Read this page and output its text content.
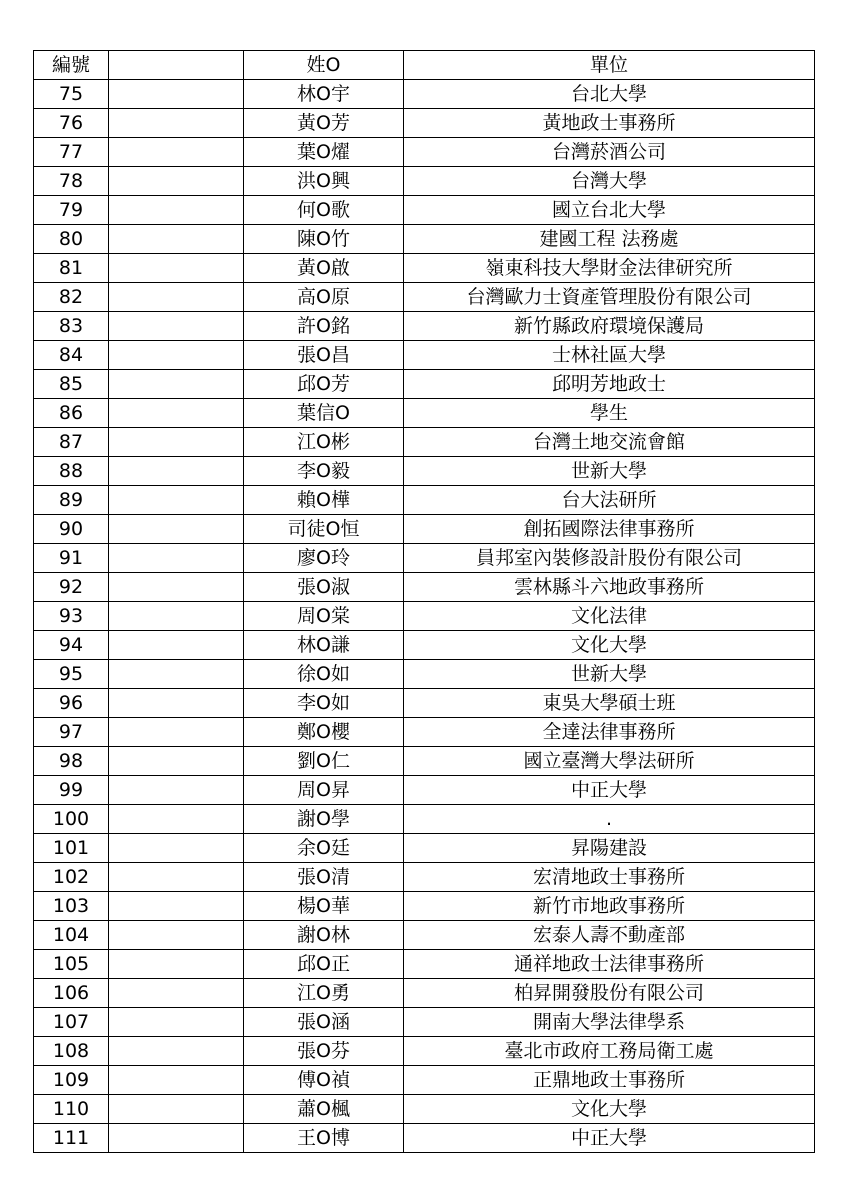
編號		姓O	單位
75		林O宇	台北大學
76		黃O芳	黃地政士事務所
77		葉O燿	台灣菸酒公司
78		洪O興	台灣大學
79		何O歌	國立台北大學
80		陳O竹	建國工程 法務處
81		黃O啟	嶺東科技大學財金法律研究所
82		高O原	台灣歐力士資產管理股份有限公司
83		許O銘	新竹縣政府環境保護局
84		張O昌	士林社區大學
85		邱O芳	邱明芳地政士
86		葉信O	學生
87		江O彬	台灣土地交流會館
88		李O毅	世新大學
89		賴O樺	台大法研所
90		司徒O恒	創拓國際法律事務所
91		廖O玲	員邦室內裝修設計股份有限公司
92		張O淑	雲林縣斗六地政事務所
93		周O棠	文化法律
94		林O謙	文化大學
95		徐O如	世新大學
96		李O如	東吳大學碩士班
97		鄭O櫻	全達法律事務所
98		劉O仁	國立臺灣大學法研所
99		周O昇	中正大學
100		謝O學	.
101		余O廷	昇陽建設
102		張O清	宏清地政士事務所
103		楊O華	新竹市地政事務所
104		謝O林	宏泰人壽不動產部
105		邱O正	通祥地政士法律事務所
106		江O勇	柏昇開發股份有限公司
107		張O涵	開南大學法律學系
108		張O芬	臺北市政府工務局衛工處
109		傅O禎	正鼎地政士事務所
110		蕭O楓	文化大學
111		王O博	中正大學
